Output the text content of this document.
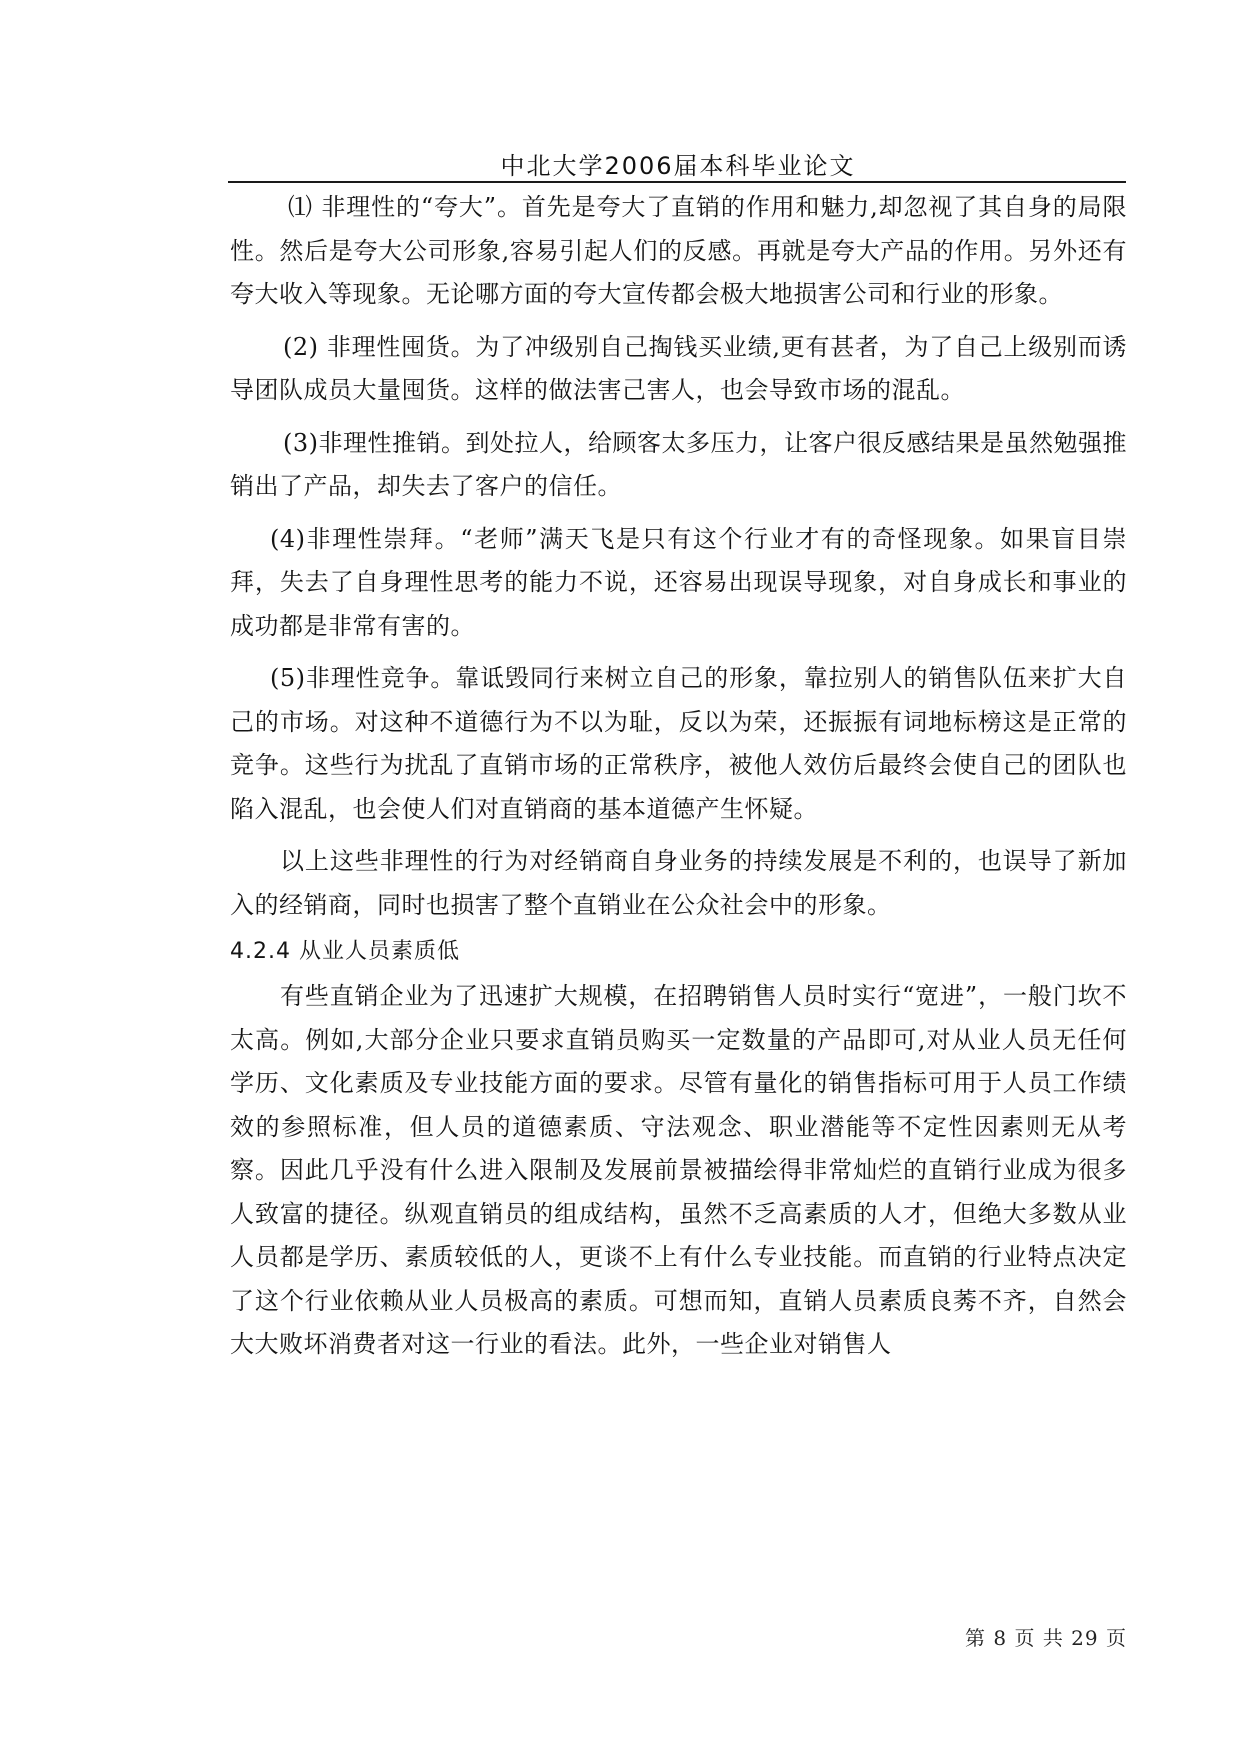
中北大学2006届本科毕业论文

⑴ 非理性的“夸大”。首先是夸大了直销的作用和魅力,却忽视了其自身的局限性。然后是夸大公司形象,容易引起人们的反感。再就是夸大产品的作用。另外还有夸大收入等现象。无论哪方面的夸大宣传都会极大地损害公司和行业的形象。

(2) 非理性囤货。为了冲级别自己掏钱买业绩,更有甚者，为了自己上级别而诱导团队成员大量囤货。这样的做法害己害人，也会导致市场的混乱。

(3)非理性推销。到处拉人，给顾客太多压力，让客户很反感结果是虽然勉强推销出了产品，却失去了客户的信任。

(4)非理性崇拜。“老师”满天飞是只有这个行业才有的奇怪现象。如果盲目崇拜，失去了自身理性思考的能力不说，还容易出现误导现象，对自身成长和事业的成功都是非常有害的。

(5)非理性竞争。靠诋毁同行来树立自己的形象，靠拉别人的销售队伍来扩大自己的市场。对这种不道德行为不以为耻，反以为荣，还振振有词地标榜这是正常的竞争。这些行为扰乱了直销市场的正常秩序，被他人效仿后最终会使自己的团队也陷入混乱，也会使人们对直销商的基本道德产生怀疑。

以上这些非理性的行为对经销商自身业务的持续发展是不利的，也误导了新加入的经销商，同时也损害了整个直销业在公众社会中的形象。

4.2.4 从业人员素质低

有些直销企业为了迅速扩大规模，在招聘销售人员时实行“宽进”，一般门坎不太高。例如,大部分企业只要求直销员购买一定数量的产品即可,对从业人员无任何学历、文化素质及专业技能方面的要求。尽管有量化的销售指标可用于人员工作绩效的参照标准，但人员的道德素质、守法观念、职业潜能等不定性因素则无从考察。因此几乎没有什么进入限制及发展前景被描绘得非常灿烂的直销行业成为很多人致富的捷径。纵观直销员的组成结构，虽然不乏高素质的人才，但绝大多数从业人员都是学历、素质较低的人，更谈不上有什么专业技能。而直销的行业特点决定了这个行业依赖从业人员极高的素质。可想而知，直销人员素质良莠不齐，自然会大大败坏消费者对这一行业的看法。此外，一些企业对销售人

第 8 页 共 29 页
